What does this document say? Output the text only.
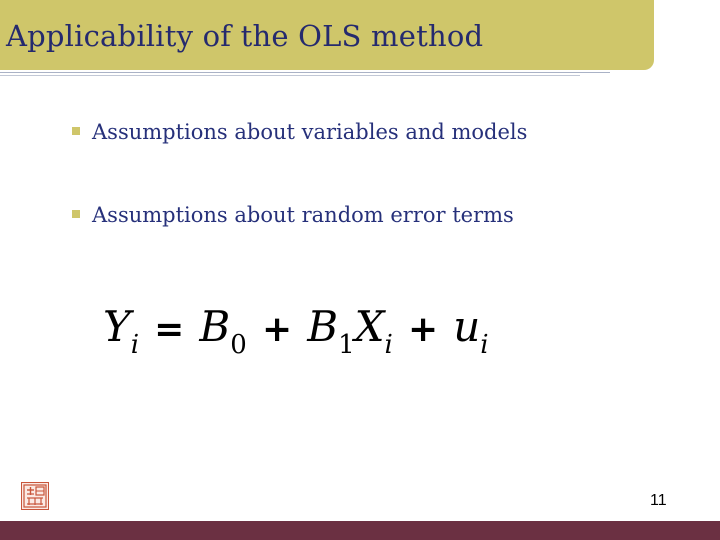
Applicability of the OLS method
Assumptions about variables and models
Assumptions about random error terms
Yi = B0 + B1Xi + ui
11
